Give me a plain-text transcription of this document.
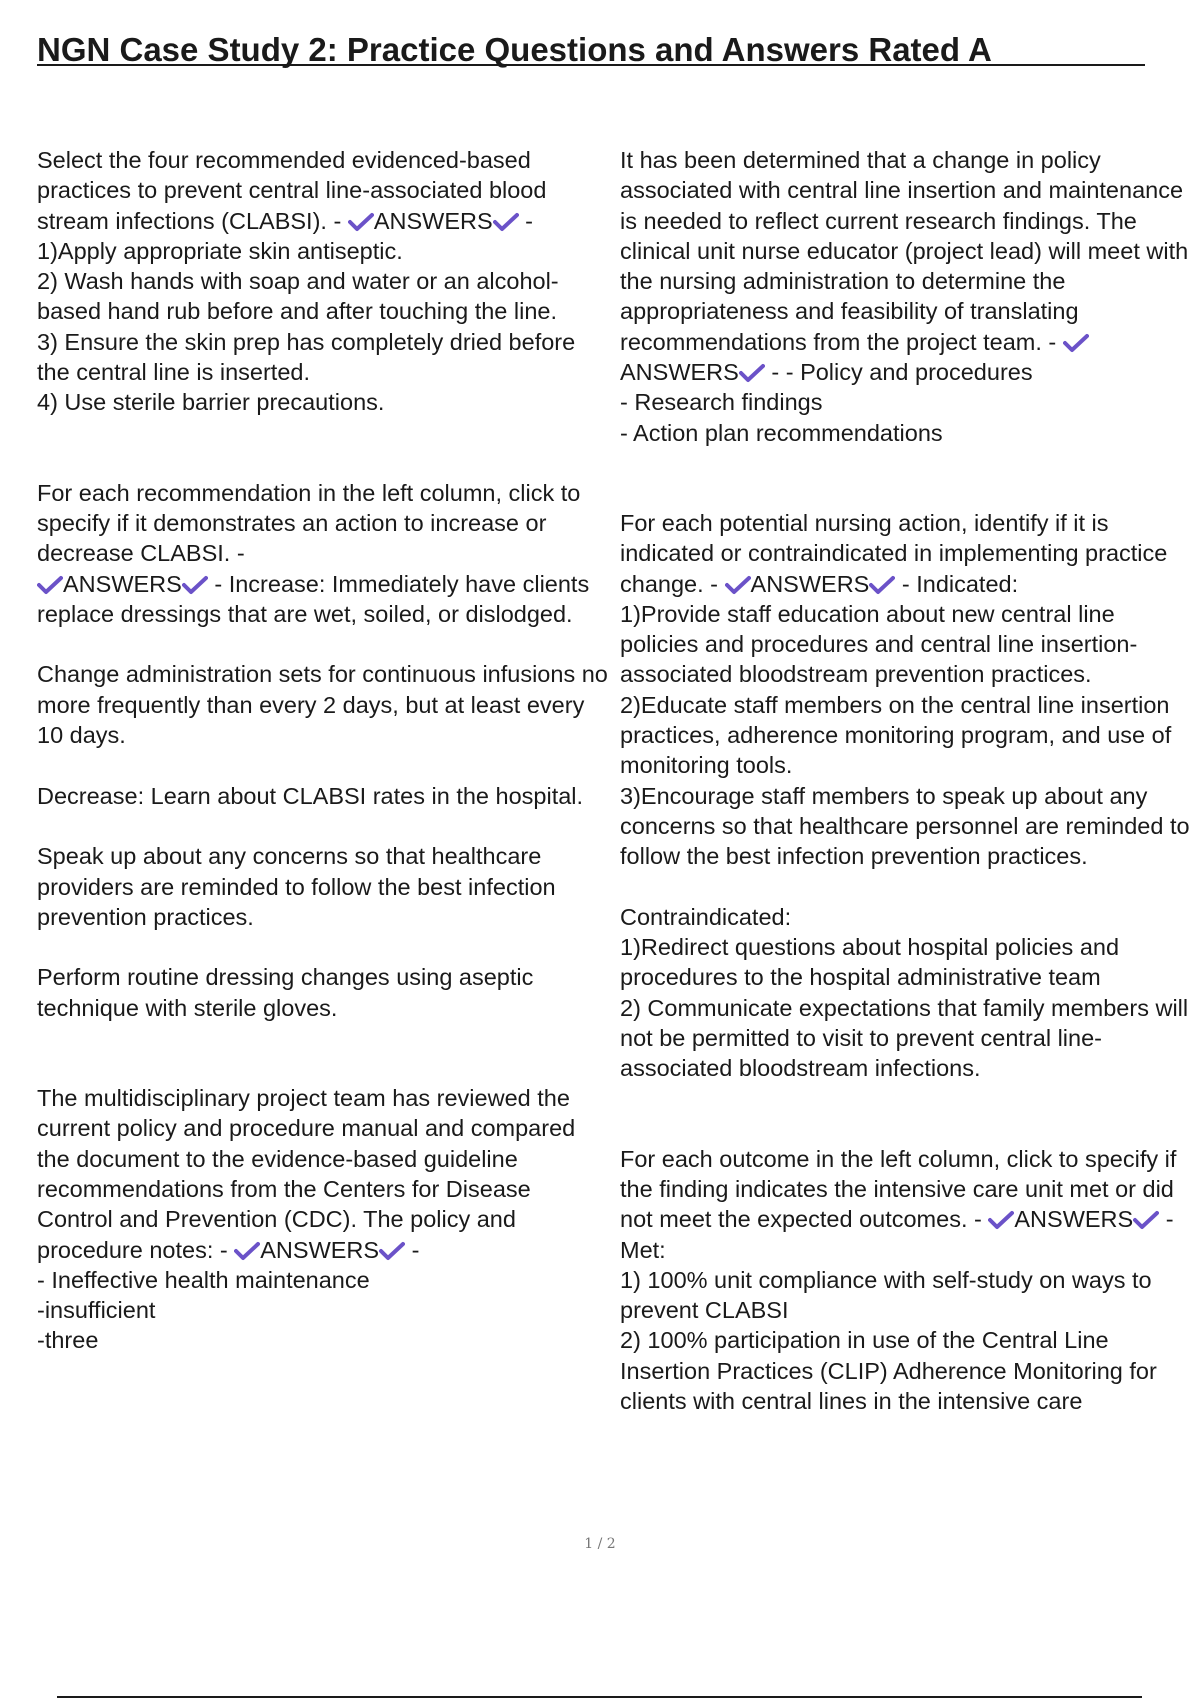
NGN Case Study 2: Practice Questions and Answers Rated A
Select the four recommended evidenced-based practices to prevent central line-associated blood stream infections (CLABSI). -
ANSWERS
-
1)Apply appropriate skin antiseptic.
2) Wash hands with soap and water or an alcohol-based hand rub before and after touching the line.
3) Ensure the skin prep has completely dried before the central line is inserted.
4) Use sterile barrier precautions.
For each recommendation in the left column, click to specify if it demonstrates an action to increase or decrease CLABSI. -

ANSWERS
- Increase: Immediately have clients replace dressings that are wet, soiled, or dislodged.

Change administration sets for continuous infusions no more frequently than every 2 days, but at least every 10 days.

Decrease: Learn about CLABSI rates in the hospital.

Speak up about any concerns so that healthcare providers are reminded to follow the best infection prevention practices.

Perform routine dressing changes using aseptic technique with sterile gloves.
The multidisciplinary project team has reviewed the current policy and procedure manual and compared the document to the evidence-based guideline recommendations from the Centers for Disease Control and Prevention (CDC). The policy and procedure notes: -
ANSWERS
-
- Ineffective health maintenance
-insufficient
-three
It has been determined that a change in policy associated with central line insertion and maintenance is needed to reflect current research findings. The clinical unit nurse educator (project lead) will meet with the nursing administration to determine the appropriateness and feasibility of translating recommendations from the project team. -
ANSWERS
- - Policy and procedures
- Research findings
- Action plan recommendations
For each potential nursing action, identify if it is indicated or contraindicated in implementing practice change. -
ANSWERS
- Indicated:
1)Provide staff education about new central line policies and procedures and central line insertion-associated bloodstream prevention practices.
2)Educate staff members on the central line insertion practices, adherence monitoring program, and use of monitoring tools.
3)Encourage staff members to speak up about any concerns so that healthcare personnel are reminded to follow the best infection prevention practices.

Contraindicated:
1)Redirect questions about hospital policies and procedures to the hospital administrative team
2) Communicate expectations that family members will not be permitted to visit to prevent central line-associated bloodstream infections.
For each outcome in the left column, click to specify if the finding indicates the intensive care unit met or did not meet the expected outcomes. -
ANSWERS
- Met:
1) 100% unit compliance with self-study on ways to prevent CLABSI
2) 100% participation in use of the Central Line Insertion Practices (CLIP) Adherence Monitoring for clients with central lines in the intensive care
1 / 2
